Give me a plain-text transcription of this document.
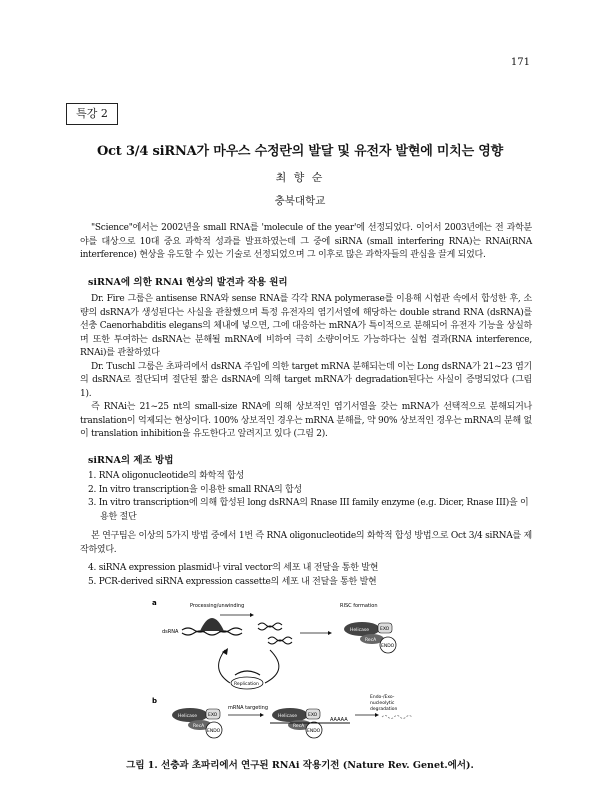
171
특강 2
Oct 3/4 siRNA가 마우스 수정란의 발달 및 유전자 발현에 미치는 영향
최 향 순
충북대학교

"Science"에서는 2002년을 small RNA를 'molecule of the year'에 선정되었다. 이어서 2003년에는 전 과학분야를 대상으로 10대 중요 과학적 성과를 발표하였는데 그 중에 siRNA (small interfering RNA)는 RNAi(RNA interference) 현상을 유도할 수 있는 기술로 선정되었으며 그 이후로 많은 과학자들의 관심을 끌게 되었다.

siRNA에 의한 RNAi 현상의 발견과 작용 원리

Dr. Fire 그룹은 antisense RNA와 sense RNA를 각각 RNA polymerase를 이용해 시험관 속에서 합성한 후, 소량의 dsRNA가 생성된다는 사실을 관찰했으며 특정 유전자의 염기서열에 해당하는 double strand RNA (dsRNA)를 선충 Caenorhabditis elegans의 체내에 넣으면, 그에 대응하는 mRNA가 특이적으로 분해되어 유전자 기능을 상실하며 또한 투여하는 dsRNA는 분해될 mRNA에 비하여 극히 소량이어도 가능하다는 실험 결과(RNA interference, RNAi)를 관찰하였다

Dr. Tuschl 그룹은 초파리에서 dsRNA 주입에 의한 target mRNA 분해되는데 이는 Long dsRNA가 21~23 염기의 dsRNA로 절단되며 절단된 짧은 dsRNA에 의해 target mRNA가 degradation된다는 사실이 증명되었다 (그림 1).

즉 RNAi는 21~25 nt의 small-size RNA에 의해 상보적인 염기서열을 갖는 mRNA가 선택적으로 분해되거나 translation이 억제되는 현상이다. 100% 상보적인 경우는 mRNA 분해를, 약 90% 상보적인 경우는 mRNA의 분해 없이 translation inhibition을 유도한다고 알려지고 있다 (그림 2).

siRNA의 제조 방법
1. RNA oligonucleotide의 화학적 합성
2. In vitro transcription을 이용한 small RNA의 합성
3. In vitro transcription에 의해 합성된 long dsRNA의 Rnase III family enzyme (e.g. Dicer, Rnase III)을 이용한 절단

본 연구팀은 이상의 5가지 방법 중에서 1번 즉 RNA oligonucleotide의 화학적 합성 방법으로 Oct 3/4 siRNA를 제작하였다.

4. siRNA expression plasmid나 viral vector의 세포 내 전달을 통한 발현
5. PCR-derived siRNA expression cassette의 세포 내 전달을 통한 발현
a	Processing/unwinding	RISC formation
dsRNA	Helicase EXO
RecA
ENDO
Replication
b
Helicase EXO
RecA
ENDO
mRNA targeting
Helicase EXO
RecA
ENDO
AAAAA
Endo-/Exo-
nucleolytic
degradation
그림 1. 선충과 초파리에서 연구된 RNAi 작용기전 (Nature Rev. Genet.에서).
